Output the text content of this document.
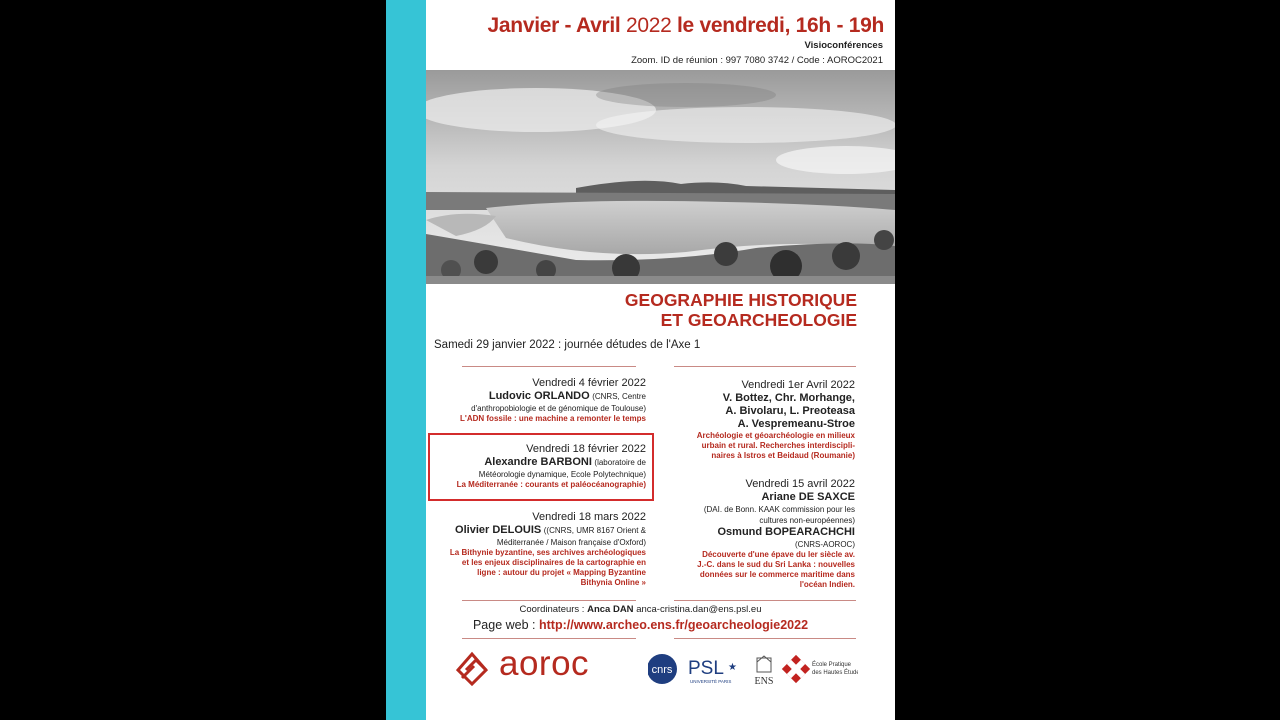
Janvier - Avril 2022 le vendredi, 16h - 19h
Visioconférences
Zoom. ID de réunion : 997 7080 3742 / Code : AOROC2021
GEOGRAPHIE HISTORIQUE
ET GEOARCHEOLOGIE
Samedi 29 janvier 2022 : journée détudes de l'Axe 1
Vendredi 4 février 2022
Ludovic ORLANDO (CNRS, Centre
d'anthropobiologie et de génomique de Toulouse)
L'ADN fossile : une machine a remonter le temps
Vendredi 18 février 2022
Alexandre BARBONI (laboratoire de
Météorologie dynamique, Ecole Polytechnique)
La Méditerranée : courants et paléocéanographie)
Vendredi 18 mars 2022
Olivier DELOUIS ((CNRS, UMR 8167 Orient &
Méditerranée / Maison française d'Oxford)
La Bithynie byzantine, ses archives archéologiques
et les enjeux disciplinaires de la cartographie en
ligne : autour du projet « Mapping Byzantine
Bithynia Online »
Vendredi 1er Avril 2022
V. Bottez, Chr. Morhange,
A. Bivolaru, L. Preoteasa
A. Vespremeanu-Stroe
Archéologie et géoarchéologie en milieux
urbain et rural. Recherches interdiscipli-
naires à Istros et Beidaud (Roumanie)
Vendredi 15 avril 2022
Ariane DE SAXCE
(DAI. de Bonn. KAAK commission pour les
cultures non-européennes)
Osmund BOPEARACHCHI
(CNRS-AOROC)
Découverte d'une épave du Ier siècle av.
J.-C. dans le sud du Sri Lanka : nouvelles
données sur le commerce maritime dans
l'océan Indien.
Coordinateurs : Anca DAN anca-cristina.dan@ens.psl.eu
Page web : http://www.archeo.ens.fr/geoarcheologie2022
aoroc	cnrs PSL ★
UNIVERSITÉ PARIS ENS
École Pratique
des Hautes Études
